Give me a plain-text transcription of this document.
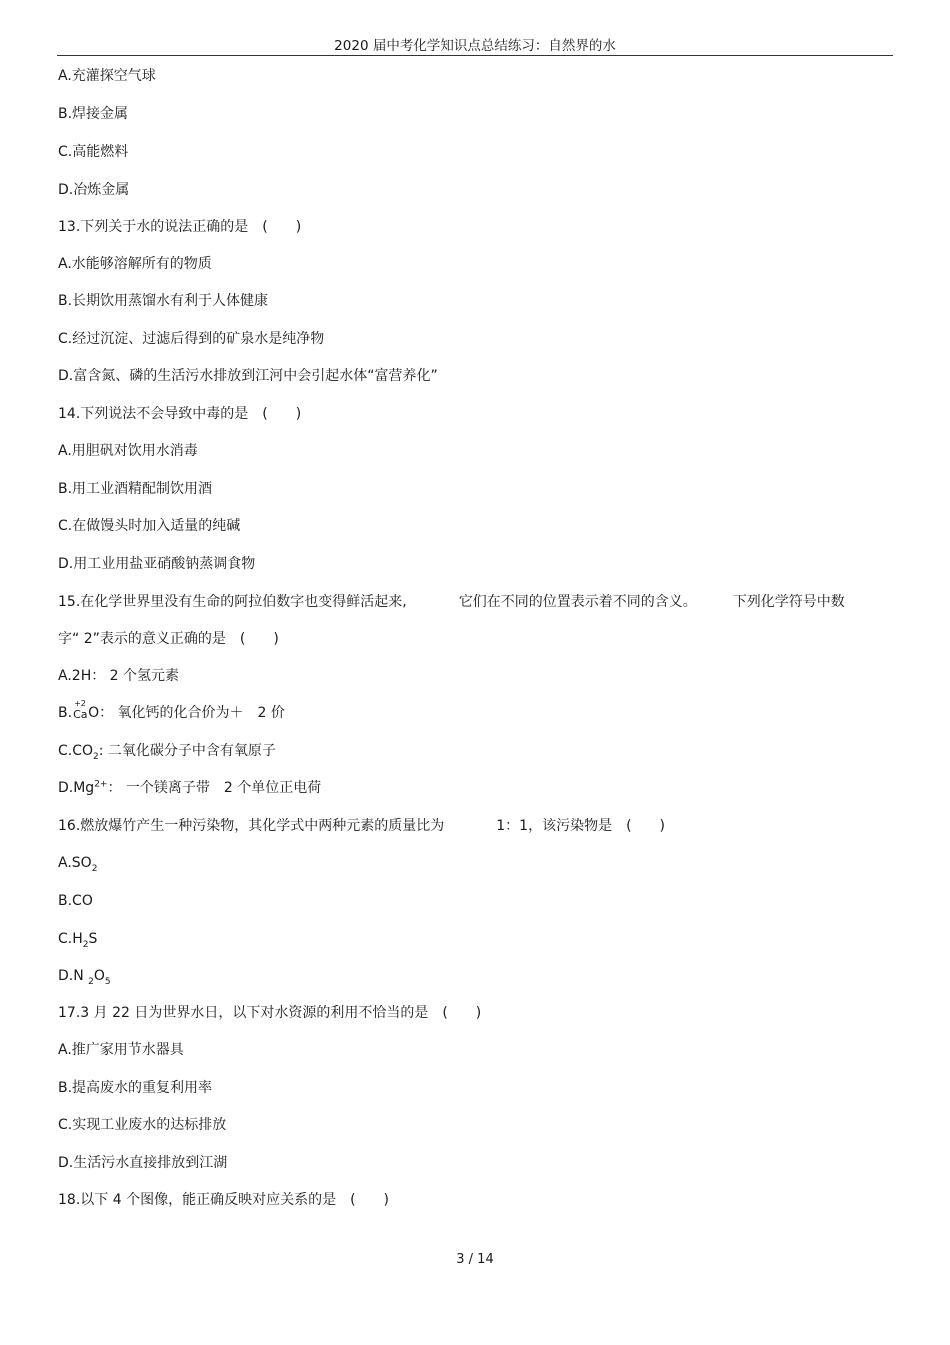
2020 届中考化学知识点总结练习：自然界的水
A.充灌探空气球
B.焊接金属
C.高能燃料
D.冶炼金属
13.下列关于水的说法正确的是　(　　)
A.水能够溶解所有的物质
B.长期饮用蒸馏水有利于人体健康
C.经过沉淀、过滤后得到的矿泉水是纯净物
D.富含氮、磷的生活污水排放到江河中会引起水体“富营养化”
14.下列说法不会导致中毒的是　(　　)
A.用胆矾对饮用水消毒
B.用工业酒精配制饮用酒
C.在做馒头时加入适量的纯碱
D.用工业用盐亚硝酸钠蒸调食物
15.在化学世界里没有生命的阿拉伯数字也变得鲜活起来,	它们在不同的位置表示着不同的含义。	下列化学符号中数
字“ 2”表示的意义正确的是　(　　)
A.2H： 2 个氢元素
B.
+2
Ca O： 氧化钙的化合价为＋　2 价
$C.CO_2$: 二氧化碳分子中含有氧原子
$D.Mg^{2+}$： 一个镁离子带　2 个单位正电荷
16.燃放爆竹产生一种污染物，其化学式中两种元素的质量比为	1：1，该污染物是　(　　)
$A.SO_2$
B.CO
$C.H_2S$
D.N $_2O_5$
17.3 月 22 日为世界水日，以下对水资源的利用不恰当的是　(　　)
A.推广家用节水器具
B.提高废水的重复利用率
C.实现工业废水的达标排放
D.生活污水直接排放到江湖
18.以下 4 个图像，能正确反映对应关系的是　(　　)
3 / 14
